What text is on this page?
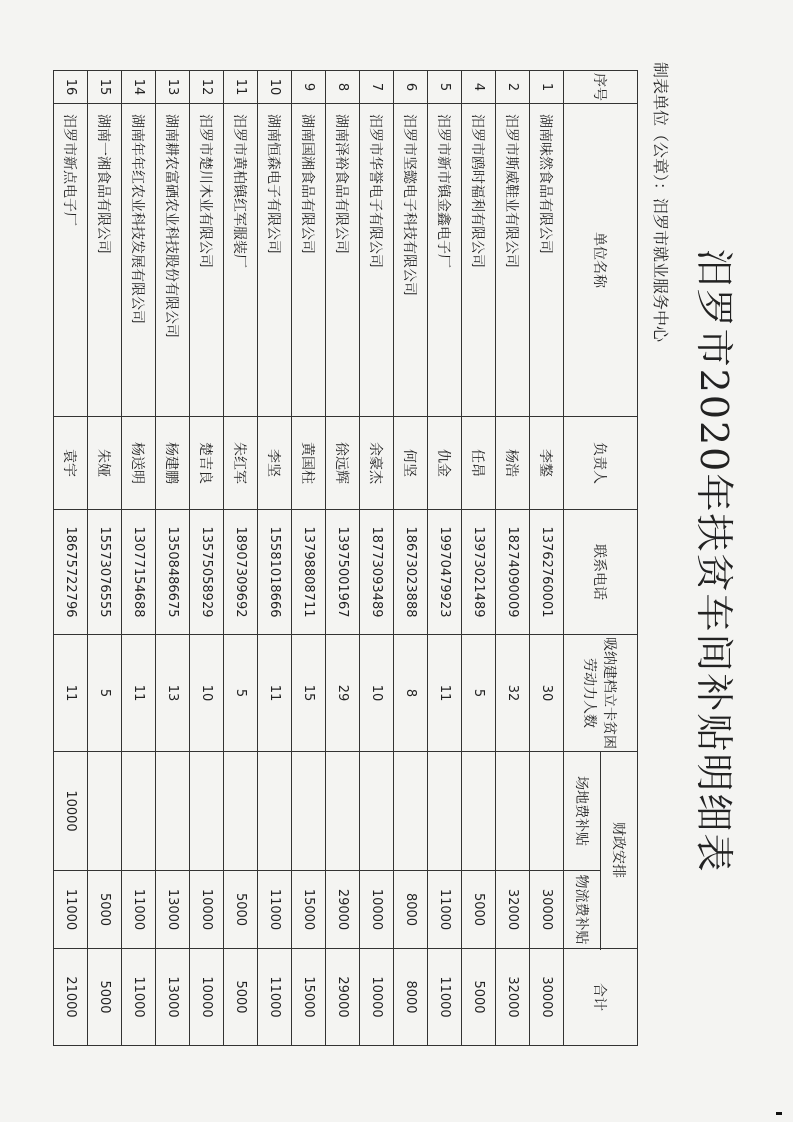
汨罗市2020年扶贫车间补贴明细表
制表单位（公章）：汨罗市就业服务中心
序号	单位名称	负责人	联系电话	吸纳建档立卡贫困劳动力人数	财政安排		合计
					场地费补贴	物流费补贴	
1	湖南味然食品有限公司	李鏊	13762760001	30		30000	30000
2	汨罗市斯威鞋业有限公司	杨浩	18274090009	32		32000	32000
4	汨罗市鸥时福利有限公司	任昂	13973021489	5		5000	5000
5	汨罗市新市镇金鑫电子厂	仇金	19970479923	11		11000	11000
6	汨罗市坚懿电子科技有限公司	何坚	18673023888	8		8000	8000
7	汨罗市华誉电子有限公司	余豪杰	18773093489	10		10000	10000
8	湖南泽裕食品有限公司	徐远辉	13975001967	29		29000	29000
9	湖南国湘食品有限公司	黄国柱	13798808711	15		15000	15000
10	湖南恒森电子有限公司	李坚	15581018666	11		11000	11000
11	汨罗市黄柏镇红军服装厂	朱红军	18907309692	5		5000	5000
12	汨罗市楚川木业有限公司	楚吉良	13575058929	10		10000	10000
13	湖南耕农富硒农业科技股份有限公司	杨建鹏	13508486675	13		13000	13000
14	湖南年年红农业科技发展有限公司	杨送明	13077154688	11		11000	11000
15	湖南一湘食品有限公司	朱娅	15573076555	5		5000	5000
16	汨罗市新点电子厂	袁宇	18675722796	11	10000	11000	21000
